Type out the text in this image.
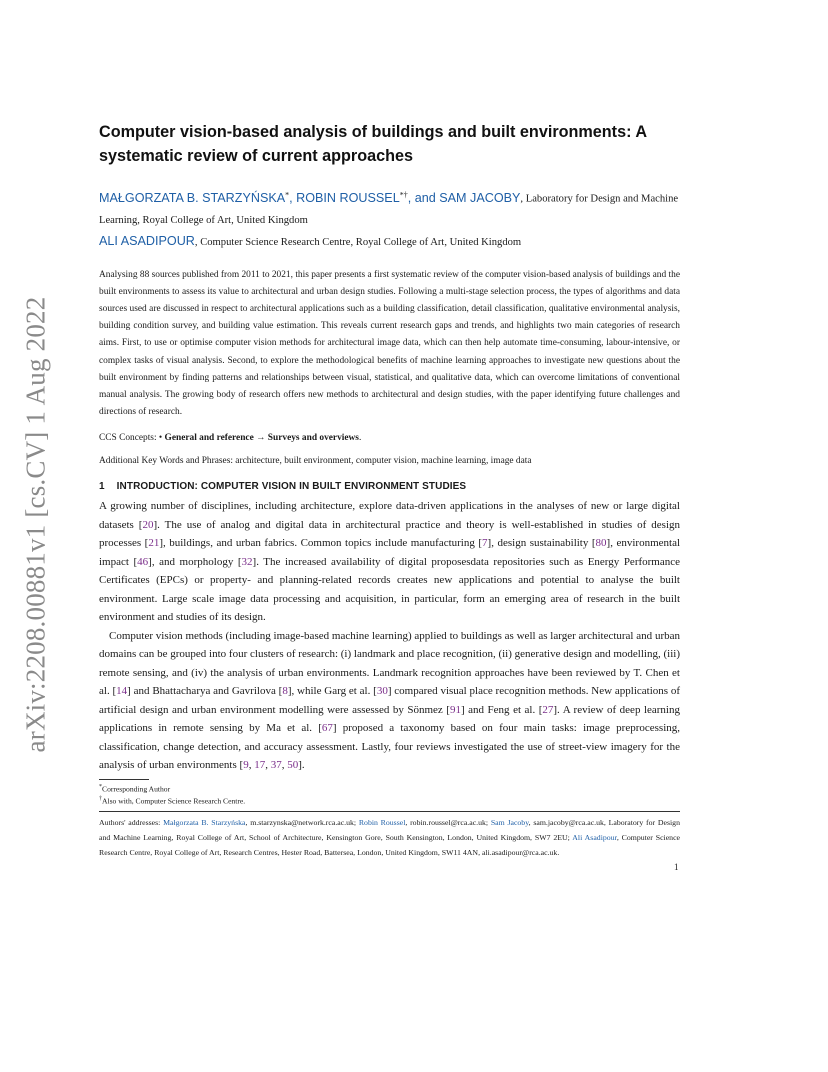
arXiv:2208.00881v1 [cs.CV] 1 Aug 2022
Computer vision-based analysis of buildings and built environments: A systematic review of current approaches

MAŁGORZATA B. STARZYŃSKA*, ROBIN ROUSSEL*†, and SAM JACOBY, Laboratory for Design and Machine Learning, Royal College of Art, United Kingdom

ALI ASADIPOUR, Computer Science Research Centre, Royal College of Art, United Kingdom

Analysing 88 sources published from 2011 to 2021, this paper presents a first systematic review of the computer vision-based analysis of buildings and the built environments to assess its value to architectural and urban design studies. Following a multi-stage selection process, the types of algorithms and data sources used are discussed in respect to architectural applications such as a building classification, detail classification, qualitative environmental analysis, building condition survey, and building value estimation. This reveals current research gaps and trends, and highlights two main categories of research aims. First, to use or optimise computer vision methods for architectural image data, which can then help automate time-consuming, labour-intensive, or complex tasks of visual analysis. Second, to explore the methodological benefits of machine learning approaches to investigate new questions about the built environment by finding patterns and relationships between visual, statistical, and qualitative data, which can overcome limitations of conventional manual analysis. The growing body of research offers new methods to architectural and design studies, with the paper identifying future challenges and directions of research.

CCS Concepts: • General and reference → Surveys and overviews.

Additional Key Words and Phrases: architecture, built environment, computer vision, machine learning, image data

1 INTRODUCTION: COMPUTER VISION IN BUILT ENVIRONMENT STUDIES

A growing number of disciplines, including architecture, explore data-driven applications in the analyses of new or large digital datasets [20]. The use of analog and digital data in architectural practice and theory is well-established in studies of design processes [21], buildings, and urban fabrics. Common topics include manufacturing [7], design sustainability [80], environmental impact [46], and morphology [32]. The increased availability of digital proposesdata repositories such as Energy Performance Certificates (EPCs) or property- and planning-related records creates new applications and potential to analyse the built environment. Large scale image data processing and acquisition, in particular, form an emerging area of research in the built environment and studies of its design.

Computer vision methods (including image-based machine learning) applied to buildings as well as larger architectural and urban domains can be grouped into four clusters of research: (i) landmark and place recognition, (ii) generative design and modelling, (iii) remote sensing, and (iv) the analysis of urban environments. Landmark recognition approaches have been reviewed by T. Chen et al. [14] and Bhattacharya and Gavrilova [8], while Garg et al. [30] compared visual place recognition methods. New applications of artificial design and urban environment modelling were assessed by Sönmez [91] and Feng et al. [27]. A review of deep learning applications in remote sensing by Ma et al. [67] proposed a taxonomy based on four main tasks: image preprocessing, classification, change detection, and accuracy assessment. Lastly, four reviews investigated the use of street-view imagery for the analysis of urban environments [9, 17, 37, 50].

*Corresponding Author

†Also with, Computer Science Research Centre.

Authors' addresses: Małgorzata B. Starzyńska, m.starzynska@network.rca.ac.uk; Robin Roussel, robin.roussel@rca.ac.uk; Sam Jacoby, sam.jacoby@rca.ac.uk, Laboratory for Design and Machine Learning, Royal College of Art, School of Architecture, Kensington Gore, South Kensington, London, United Kingdom, SW7 2EU; Ali Asadipour, Computer Science Research Centre, Royal College of Art, Research Centres, Hester Road, Battersea, London, United Kingdom, SW11 4AN, ali.asadipour@rca.ac.uk.

1
